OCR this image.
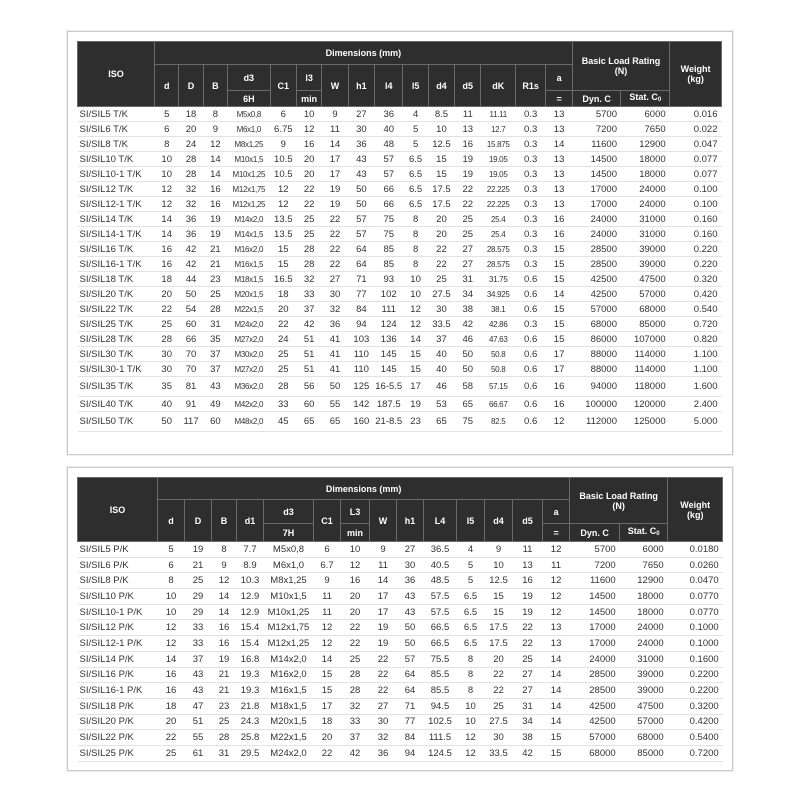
ISO	Dimensions (mm)															Basic Load Rating
(N)		Weight
(kg)
	d	D	B	d3	C1	l3	W	h1	l4	l5	d4	d5	dK	R1s	a			
				6H		min									=	Dyn. C	Stat. $C_0$
SI/SIL5 T/K	5	18	8	M5x0,8	6	10	9	27	36	4	8.5	11	11.11	0.3	13	5700	6000	0.016
SI/SIL6 T/K	6	20	9	M6x1,0	6.75	12	11	30	40	5	10	13	12.7	0.3	13	7200	7650	0.022
SI/SIL8 T/K	8	24	12	M8x1,25	9	16	14	36	48	5	12.5	16	15.875	0.3	14	11600	12900	0.047
SI/SIL10 T/K	10	28	14	M10x1,5	10.5	20	17	43	57	6.5	15	19	19.05	0.3	13	14500	18000	0.077
SI/SIL10-1 T/K	10	28	14	M10x1,25	10.5	20	17	43	57	6.5	15	19	19.05	0.3	13	14500	18000	0.077
SI/SIL12 T/K	12	32	16	M12x1,75	12	22	19	50	66	6.5	17.5	22	22.225	0.3	13	17000	24000	0.100
SI/SIL12-1 T/K	12	32	16	M12x1,25	12	22	19	50	66	6.5	17.5	22	22.225	0.3	13	17000	24000	0.100
SI/SIL14 T/K	14	36	19	M14x2,0	13.5	25	22	57	75	8	20	25	25.4	0.3	16	24000	31000	0.160
SI/SIL14-1 T/K	14	36	19	M14x1,5	13.5	25	22	57	75	8	20	25	25.4	0.3	16	24000	31000	0.160
SI/SIL16 T/K	16	42	21	M16x2,0	15	28	22	64	85	8	22	27	28.575	0.3	15	28500	39000	0.220
SI/SIL16-1 T/K	16	42	21	M16x1,5	15	28	22	64	85	8	22	27	28.575	0.3	15	28500	39000	0.220
SI/SIL18 T/K	18	44	23	M18x1,5	16.5	32	27	71	93	10	25	31	31.75	0.6	15	42500	47500	0.320
SI/SIL20 T/K	20	50	25	M20x1,5	18	33	30	77	102	10	27.5	34	34.925	0.6	14	42500	57000	0.420
SI/SIL22 T/K	22	54	28	M22x1,5	20	37	32	84	111	12	30	38	38.1	0.6	15	57000	68000	0.540
SI/SIL25 T/K	25	60	31	M24x2,0	22	42	36	94	124	12	33.5	42	42.86	0.3	15	68000	85000	0.720
SI/SIL28 T/K	28	66	35	M27x2,0	24	51	41	103	136	14	37	46	47.63	0.6	15	86000	107000	0.820
SI/SIL30 T/K	30	70	37	M30x2,0	25	51	41	110	145	15	40	50	50.8	0.6	17	88000	114000	1.100
SI/SIL30-1 T/K	30	70	37	M27x2,0	25	51	41	110	145	15	40	50	50.8	0.6	17	88000	114000	1.100
SI/SIL35 T/K	35	81	43	M36x2,0	28	56	50	125	16-5.5	17	46	58	57.15	0.6	16	94000	118000	1.600
SI/SIL40 T/K	40	91	49	M42x2,0	33	60	55	142	187.5	19	53	65	66.67	0.6	16	100000	120000	2.400
SI/SIL50 T/K	50	117	60	M48x2,0	45	65	65	160	21-8.5	23	65	75	82.5	0.6	12	112000	125000	5.000
ISO	Dimensions (mm)														Basic Load Rating
(N)		Weight
(kg)
	d	D	B	d1	d3	C1	L3	W	h1	L4	l5	d4	d5	a			
					7H		min							=	Dyn. C	Stat. $C_0$
SI/SIL5 P/K	5	19	8	7.7	M5x0,8	6	10	9	27	36.5	4	9	11	12	5700	6000	0.0180
SI/SIL6 P/K	6	21	9	8.9	M6x1,0	6.7	12	11	30	40.5	5	10	13	11	7200	7650	0.0260
SI/SIL8 P/K	8	25	12	10.3	M8x1,25	9	16	14	36	48.5	5	12.5	16	12	11600	12900	0.0470
SI/SIL10 P/K	10	29	14	12.9	M10x1,5	11	20	17	43	57.5	6.5	15	19	12	14500	18000	0.0770
SI/SIL10-1 P/K	10	29	14	12.9	M10x1,25	11	20	17	43	57.5	6.5	15	19	12	14500	18000	0.0770
SI/SIL12 P/K	12	33	16	15.4	M12x1,75	12	22	19	50	66.5	6.5	17.5	22	13	17000	24000	0.1000
SI/SIL12-1 P/K	12	33	16	15.4	M12x1,25	12	22	19	50	66.5	6.5	17.5	22	13	17000	24000	0.1000
SI/SIL14 P/K	14	37	19	16.8	M14x2,0	14	25	22	57	75.5	8	20	25	14	24000	31000	0.1600
SI/SIL16 P/K	16	43	21	19.3	M16x2,0	15	28	22	64	85.5	8	22	27	14	28500	39000	0.2200
SI/SIL16-1 P/K	16	43	21	19.3	M16x1,5	15	28	22	64	85.5	8	22	27	14	28500	39000	0.2200
SI/SIL18 P/K	18	47	23	21.8	M18x1,5	17	32	27	71	94.5	10	25	31	14	42500	47500	0.3200
SI/SIL20 P/K	20	51	25	24.3	M20x1,5	18	33	30	77	102.5	10	27.5	34	14	42500	57000	0.4200
SI/SIL22 P/K	22	55	28	25.8	M22x1,5	20	37	32	84	111.5	12	30	38	15	57000	68000	0.5400
SI/SIL25 P/K	25	61	31	29.5	M24x2,0	22	42	36	94	124.5	12	33.5	42	15	68000	85000	0.7200
